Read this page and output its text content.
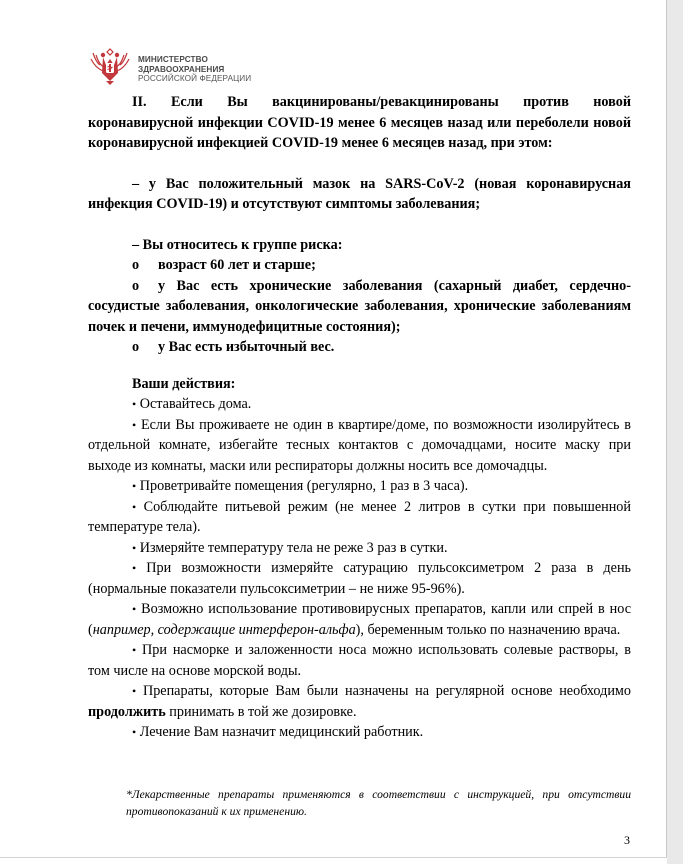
МИНИСТЕРСТВО
ЗДРАВООХРАНЕНИЯ
РОССИЙСКОЙ ФЕДЕРАЦИИ

II. Если Вы вакцинированы/ревакцинированы против новой коронавирусной инфекции COVID-19 менее 6 месяцев назад или переболели новой коронавирусной инфекцией COVID-19 менее 6 месяцев назад, при этом:

– у Вас положительный мазок на SARS-CoV-2 (новая коронавирусная инфекция COVID-19) и отсутствуют симптомы заболевания;

– Вы относитесь к группе риска:

o возраст 60 лет и старше;

o у Вас есть хронические заболевания (сахарный диабет, сердечно-сосудистые заболевания, онкологические заболевания, хронические заболеваниям почек и печени, иммунодефицитные состояния);

o у Вас есть избыточный вес.

Ваши действия:

• Оставайтесь дома.

• Если Вы проживаете не один в квартире/доме, по возможности изолируйтесь в отдельной комнате, избегайте тесных контактов с домочадцами, носите маску при выходе из комнаты, маски или респираторы должны носить все домочадцы.

• Проветривайте помещения (регулярно, 1 раз в 3 часа).

• Соблюдайте питьевой режим (не менее 2 литров в сутки при повышенной температуре тела).

• Измеряйте температуру тела не реже 3 раз в сутки.

• При возможности измеряйте сатурацию пульсоксиметром 2 раза в день (нормальные показатели пульсоксиметрии – не ниже 95-96%).

• Возможно использование противовирусных препаратов, капли или спрей в нос (например, содержащие интерферон-альфа), беременным только по назначению врача.

• При насморке и заложенности носа можно использовать солевые растворы, в том числе на основе морской воды.

• Препараты, которые Вам были назначены на регулярной основе необходимо продолжить принимать в той же дозировке.

• Лечение Вам назначит медицинский работник.

*Лекарственные препараты применяются в соответствии с инструкцией, при отсутствии противопоказаний к их применению.

3
